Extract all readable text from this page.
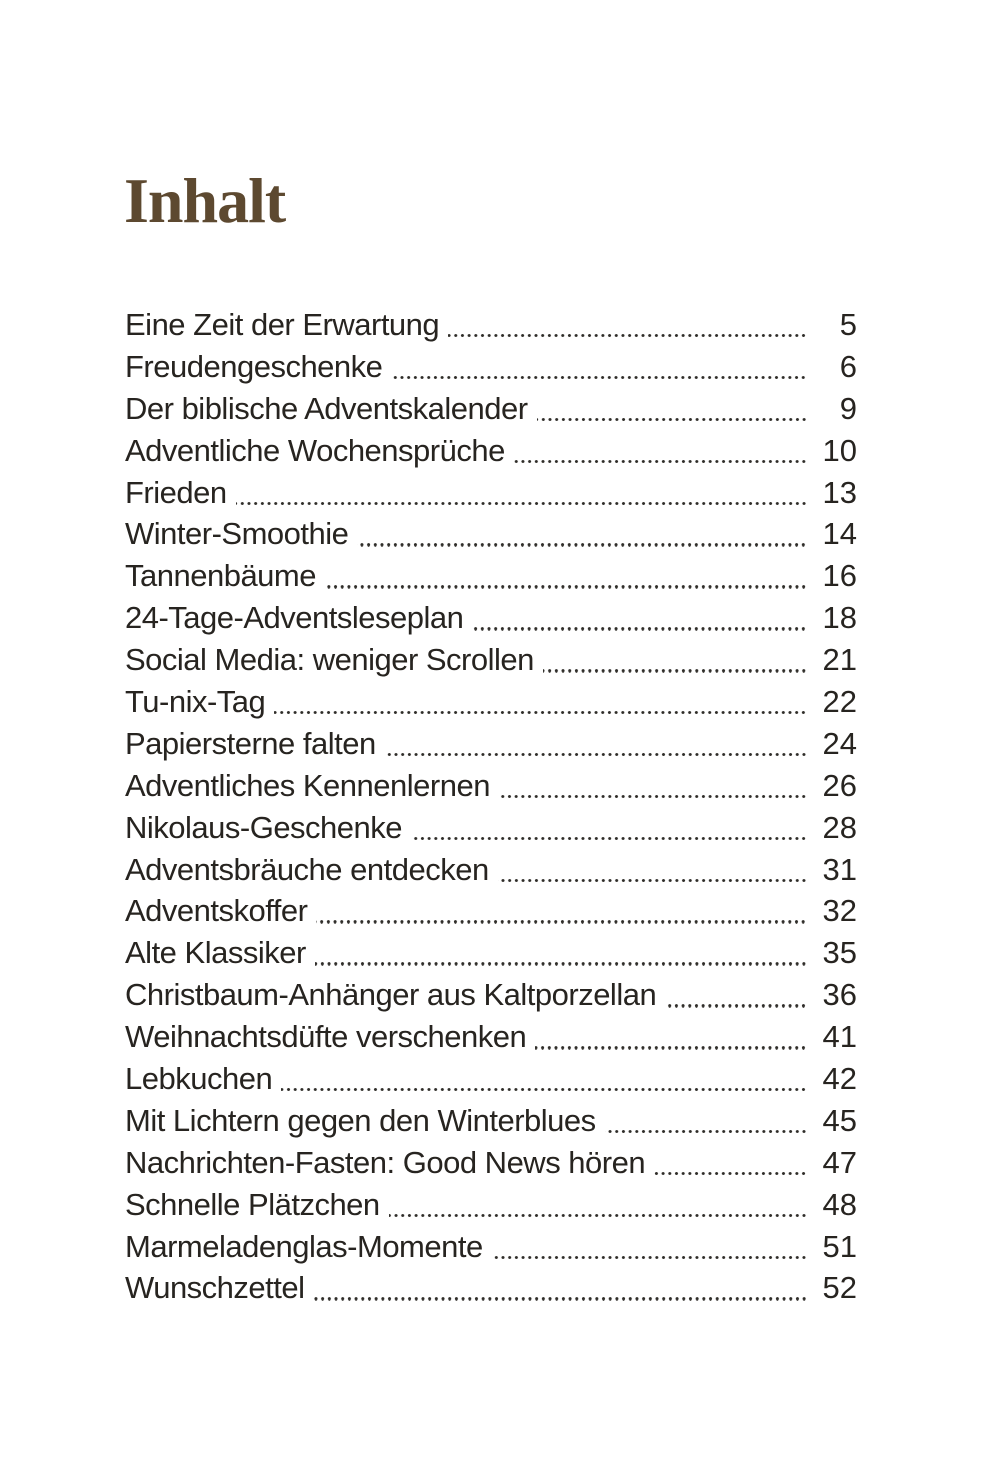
Inhalt
Eine Zeit der Erwartung	5
Freudengeschenke	6
Der biblische Adventskalender	9
Adventliche Wochensprüche	10
Frieden	13
Winter-Smoothie	14
Tannenbäume	16
24-Tage-Adventsleseplan	18
Social Media: weniger Scrollen	21
Tu-nix-Tag	22
Papiersterne falten	24
Adventliches Kennenlernen	26
Nikolaus-Geschenke	28
Adventsbräuche entdecken	31
Adventskoffer	32
Alte Klassiker	35
Christbaum-Anhänger aus Kaltporzellan	36
Weihnachtsdüfte verschenken	41
Lebkuchen	42
Mit Lichtern gegen den Winterblues	45
Nachrichten-Fasten: Good News hören	47
Schnelle Plätzchen	48
Marmeladenglas-Momente	51
Wunschzettel	52
